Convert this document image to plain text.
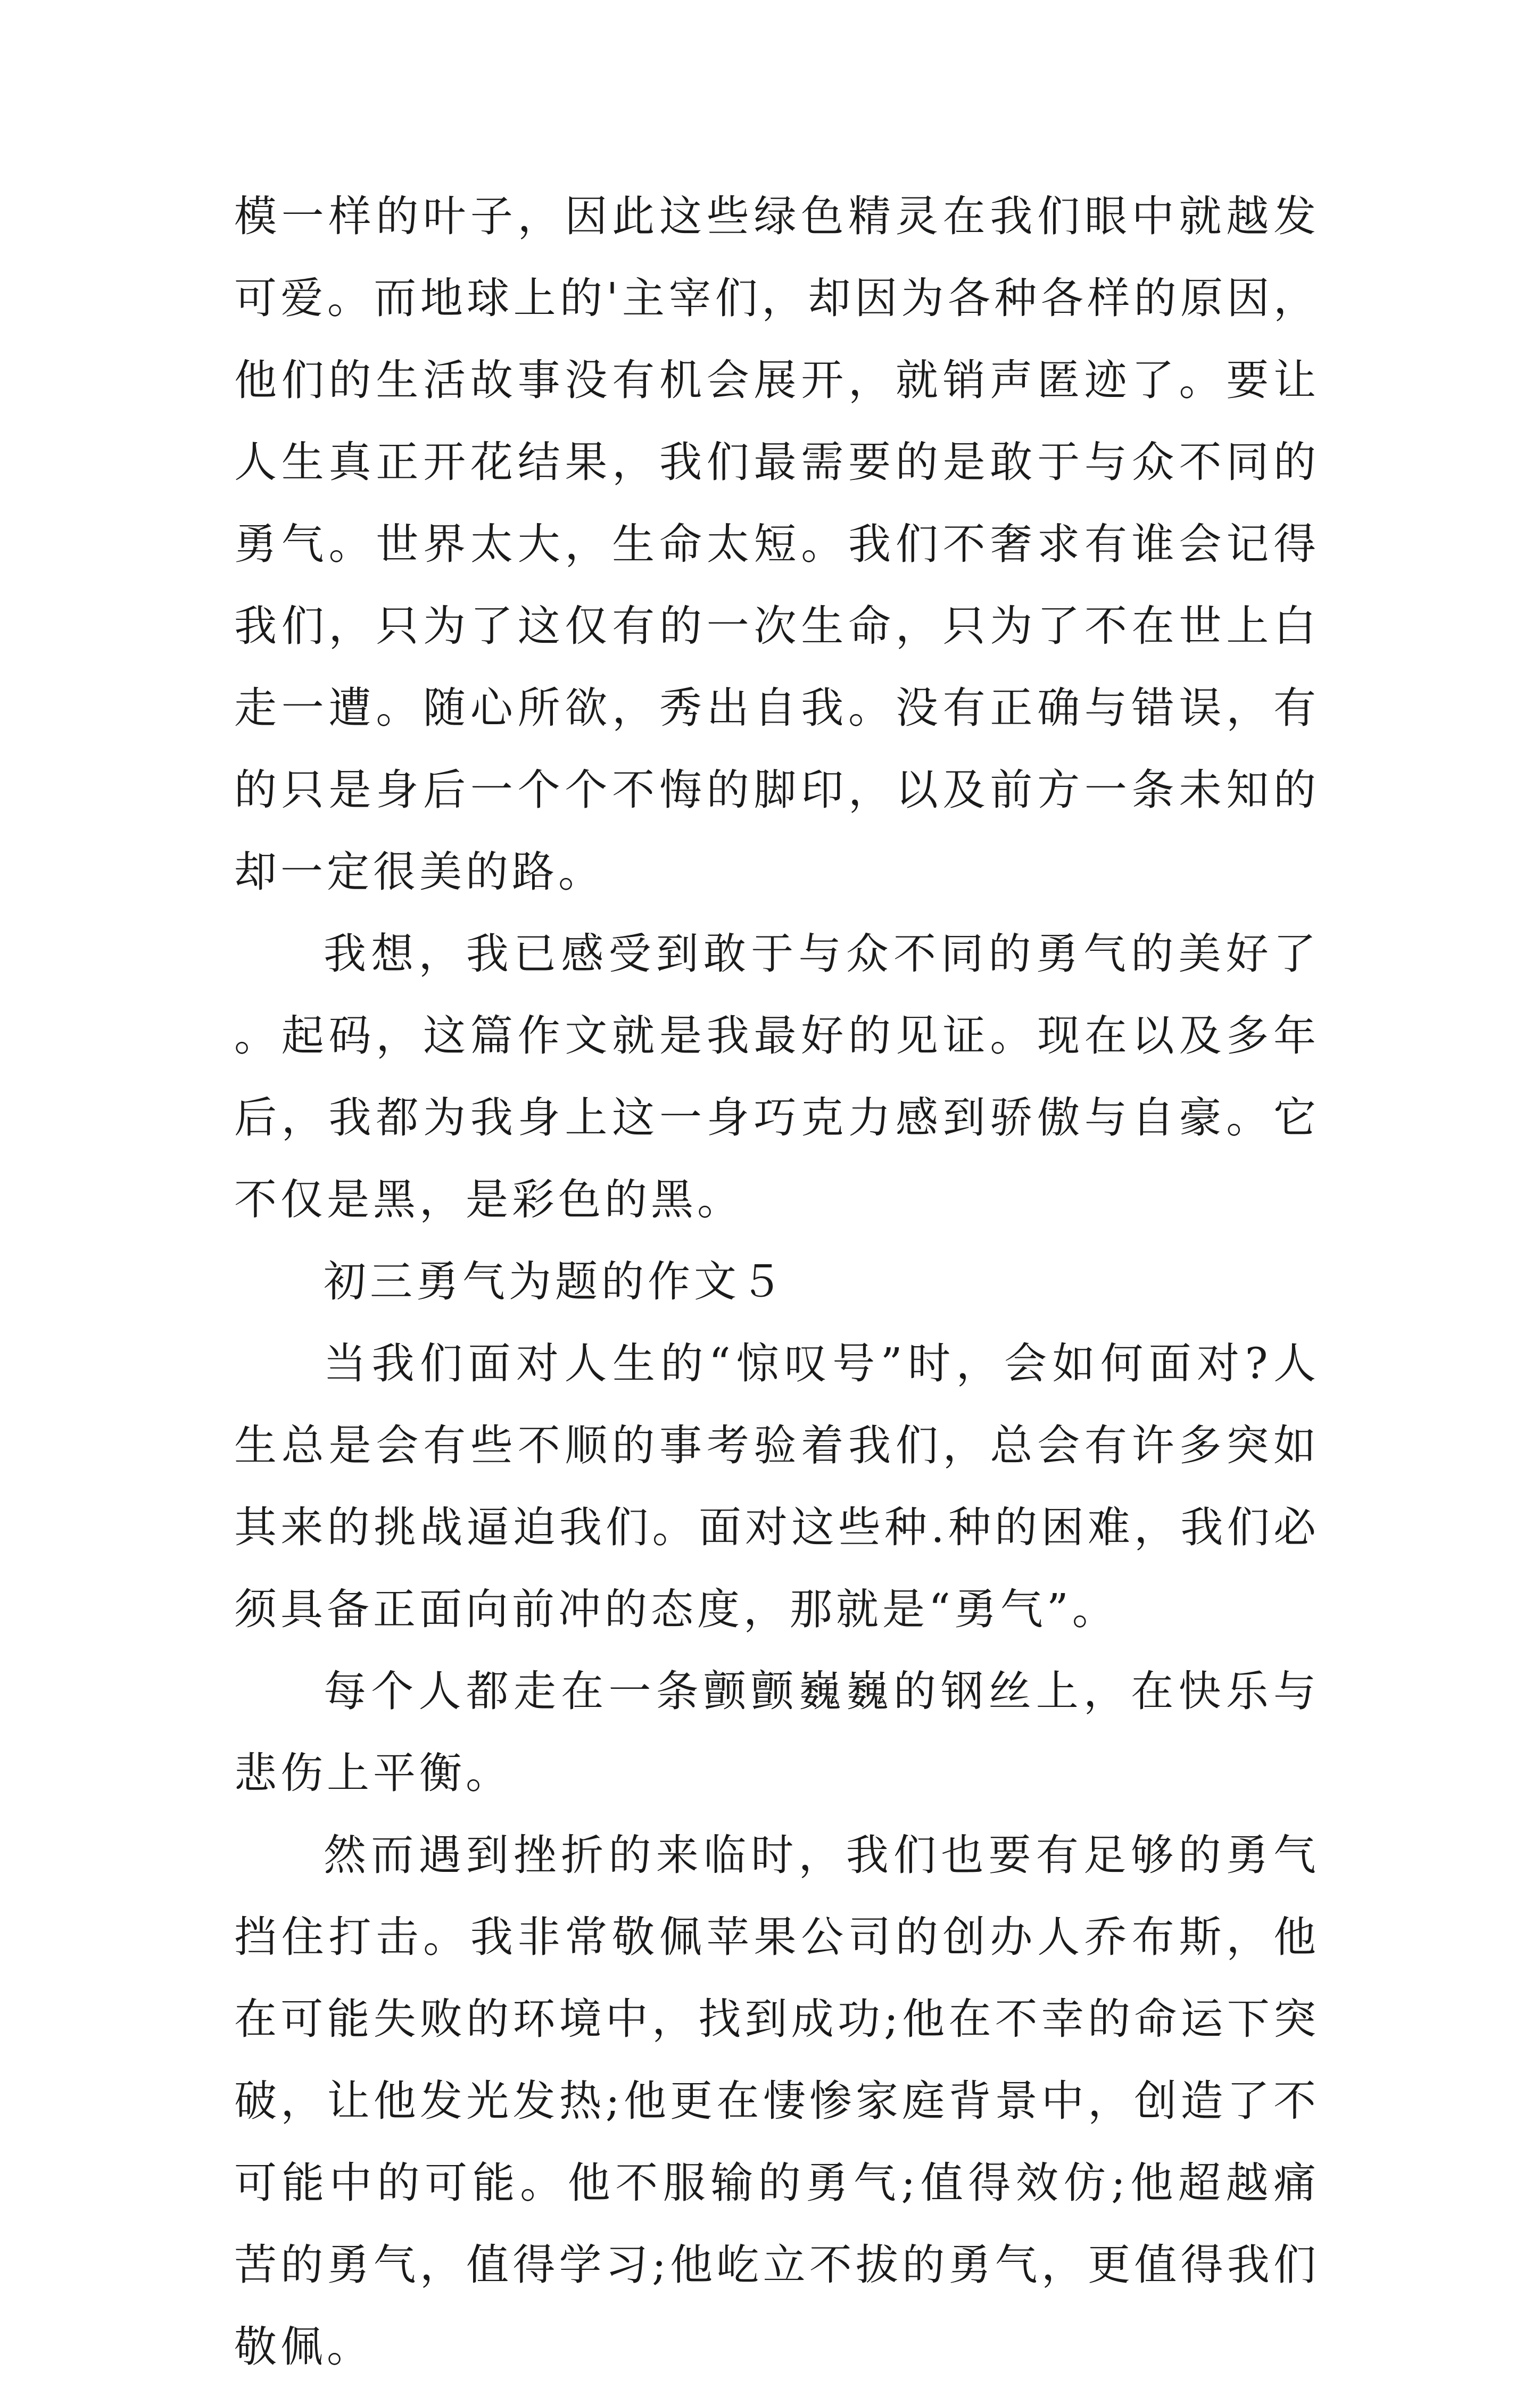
模一样的叶子，因此这些绿色精灵在我们眼中就越发可爱。而地球上的'主宰们，却因为各种各样的原因，他们的生活故事没有机会展开，就销声匿迹了。要让人生真正开花结果，我们最需要的是敢于与众不同的勇气。世界太大，生命太短。我们不奢求有谁会记得我们，只为了这仅有的一次生命，只为了不在世上白走一遭。随心所欲，秀出自我。没有正确与错误，有的只是身后一个个不悔的脚印，以及前方一条未知的却一定很美的路。

我想，我已感受到敢于与众不同的勇气的美好了。起码，这篇作文就是我最好的见证。现在以及多年后，我都为我身上这一身巧克力感到骄傲与自豪。它不仅是黑，是彩色的黑。

初三勇气为题的作文５

当我们面对人生的“惊叹号”时，会如何面对?人生总是会有些不顺的事考验着我们，总会有许多突如其来的挑战逼迫我们。面对这些种.种的困难，我们必须具备正面向前冲的态度，那就是“勇气”。

每个人都走在一条颤颤巍巍的钢丝上，在快乐与悲伤上平衡。

然而遇到挫折的来临时，我们也要有足够的勇气挡住打击。我非常敬佩苹果公司的创办人乔布斯，他在可能失败的环境中，找到成功;他在不幸的命运下突破，让他发光发热;他更在悽惨家庭背景中，创造了不可能中的可能。他不服输的勇气;值得效仿;他超越痛苦的勇气，值得学习;他屹立不拔的勇气，更值得我们敬佩。
